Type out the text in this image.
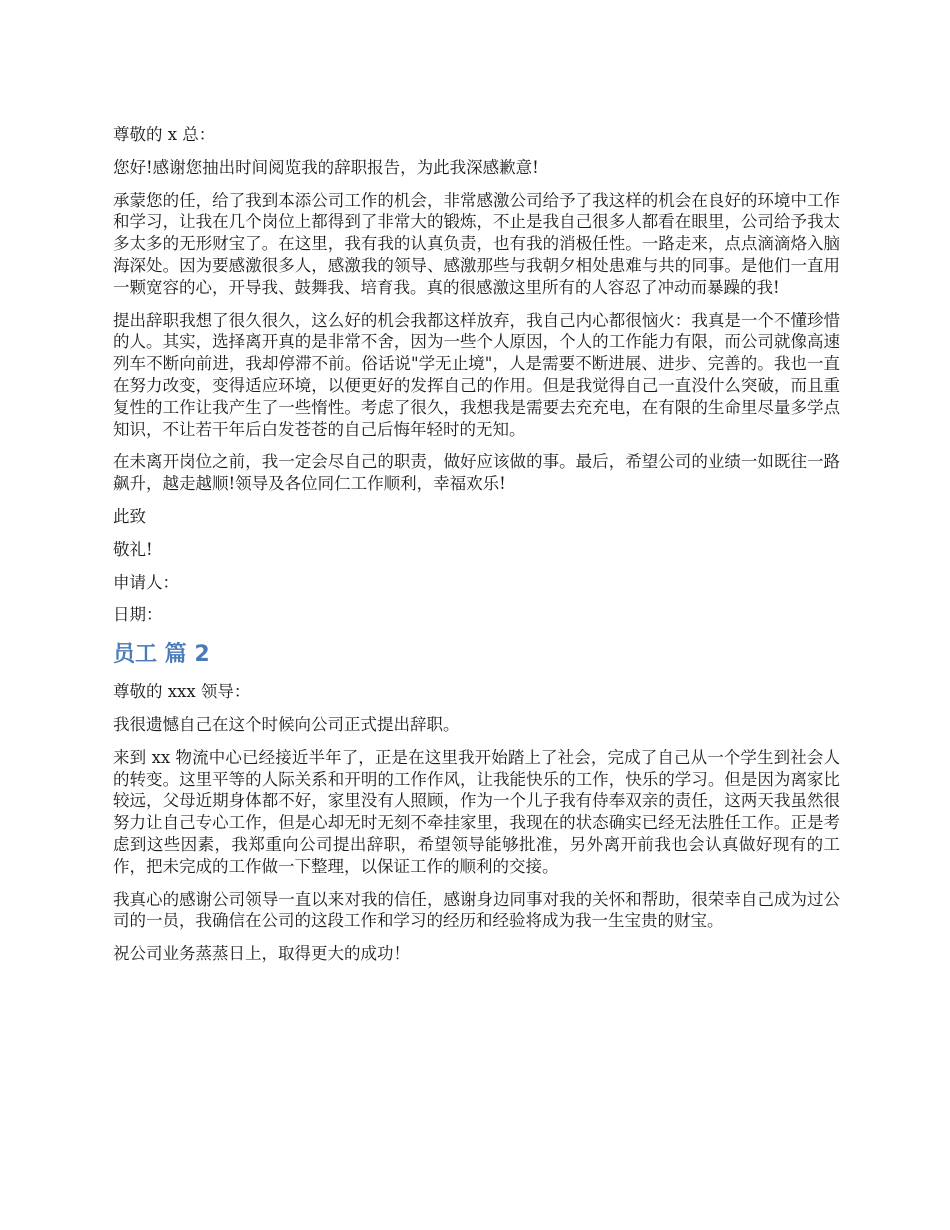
尊敬的 x 总：

您好!感谢您抽出时间阅览我的辞职报告，为此我深感歉意!

承蒙您的任，给了我到本添公司工作的机会，非常感激公司给予了我这样的机会在良好的环境中工作和学习，让我在几个岗位上都得到了非常大的锻炼，不止是我自己很多人都看在眼里，公司给予我太多太多的无形财宝了。在这里，我有我的认真负责，也有我的消极任性。一路走来，点点滴滴烙入脑海深处。因为要感激很多人，感激我的领导、感激那些与我朝夕相处患难与共的同事。是他们一直用一颗宽容的心，开导我、鼓舞我、培育我。真的很感激这里所有的人容忍了冲动而暴躁的我!

提出辞职我想了很久很久，这么好的机会我都这样放弃，我自己内心都很恼火：我真是一个不懂珍惜的人。其实，选择离开真的是非常不舍，因为一些个人原因，个人的工作能力有限，而公司就像高速列车不断向前进，我却停滞不前。俗话说"学无止境"，人是需要不断进展、进步、完善的。我也一直在努力改变，变得适应环境，以便更好的发挥自己的作用。但是我觉得自己一直没什么突破，而且重复性的工作让我产生了一些惰性。考虑了很久，我想我是需要去充充电，在有限的生命里尽量多学点知识，不让若干年后白发苍苍的自己后悔年轻时的无知。

在未离开岗位之前，我一定会尽自己的职责，做好应该做的事。最后，希望公司的业绩一如既往一路飙升，越走越顺!领导及各位同仁工作顺利，幸福欢乐!

此致

敬礼!

申请人：

日期：

员工 篇 2

尊敬的 xxx 领导：

我很遗憾自己在这个时候向公司正式提出辞职。

来到 xx 物流中心已经接近半年了，正是在这里我开始踏上了社会，完成了自己从一个学生到社会人的转变。这里平等的人际关系和开明的工作作风，让我能快乐的工作，快乐的学习。但是因为离家比较远，父母近期身体都不好，家里没有人照顾，作为一个儿子我有侍奉双亲的责任，这两天我虽然很努力让自己专心工作，但是心却无时无刻不牵挂家里，我现在的状态确实已经无法胜任工作。正是考虑到这些因素，我郑重向公司提出辞职，希望领导能够批准，另外离开前我也会认真做好现有的工作，把未完成的工作做一下整理，以保证工作的顺利的交接。

我真心的感谢公司领导一直以来对我的信任，感谢身边同事对我的关怀和帮助，很荣幸自己成为过公司的一员，我确信在公司的这段工作和学习的经历和经验将成为我一生宝贵的财宝。

祝公司业务蒸蒸日上，取得更大的成功！
